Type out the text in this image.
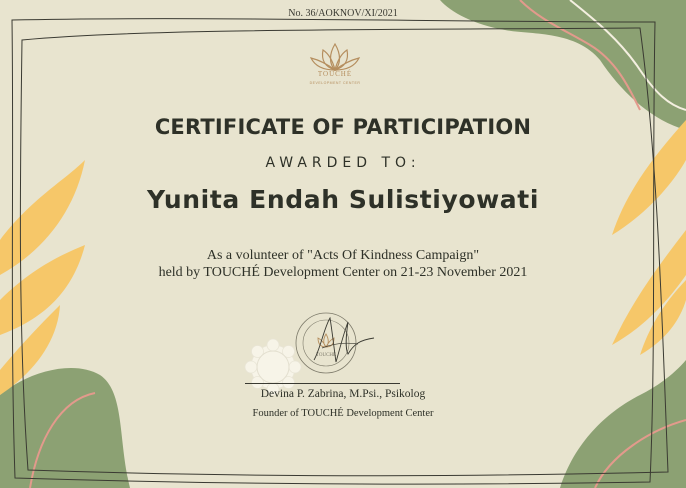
No. 36/AOKNOV/XI/2021
TOUCHÉ
DEVELOPMENT CENTER
CERTIFICATE OF PARTICIPATION
AWARDED TO:
Yunita Endah Sulistiyowati
As a volunteer of "Acts Of Kindness Campaign"
held by TOUCHÉ Development Center on 21-23 November 2021
TOUCHÉ
Devina P. Zabrina, M.Psi., Psikolog
Founder of TOUCHÉ Development Center
